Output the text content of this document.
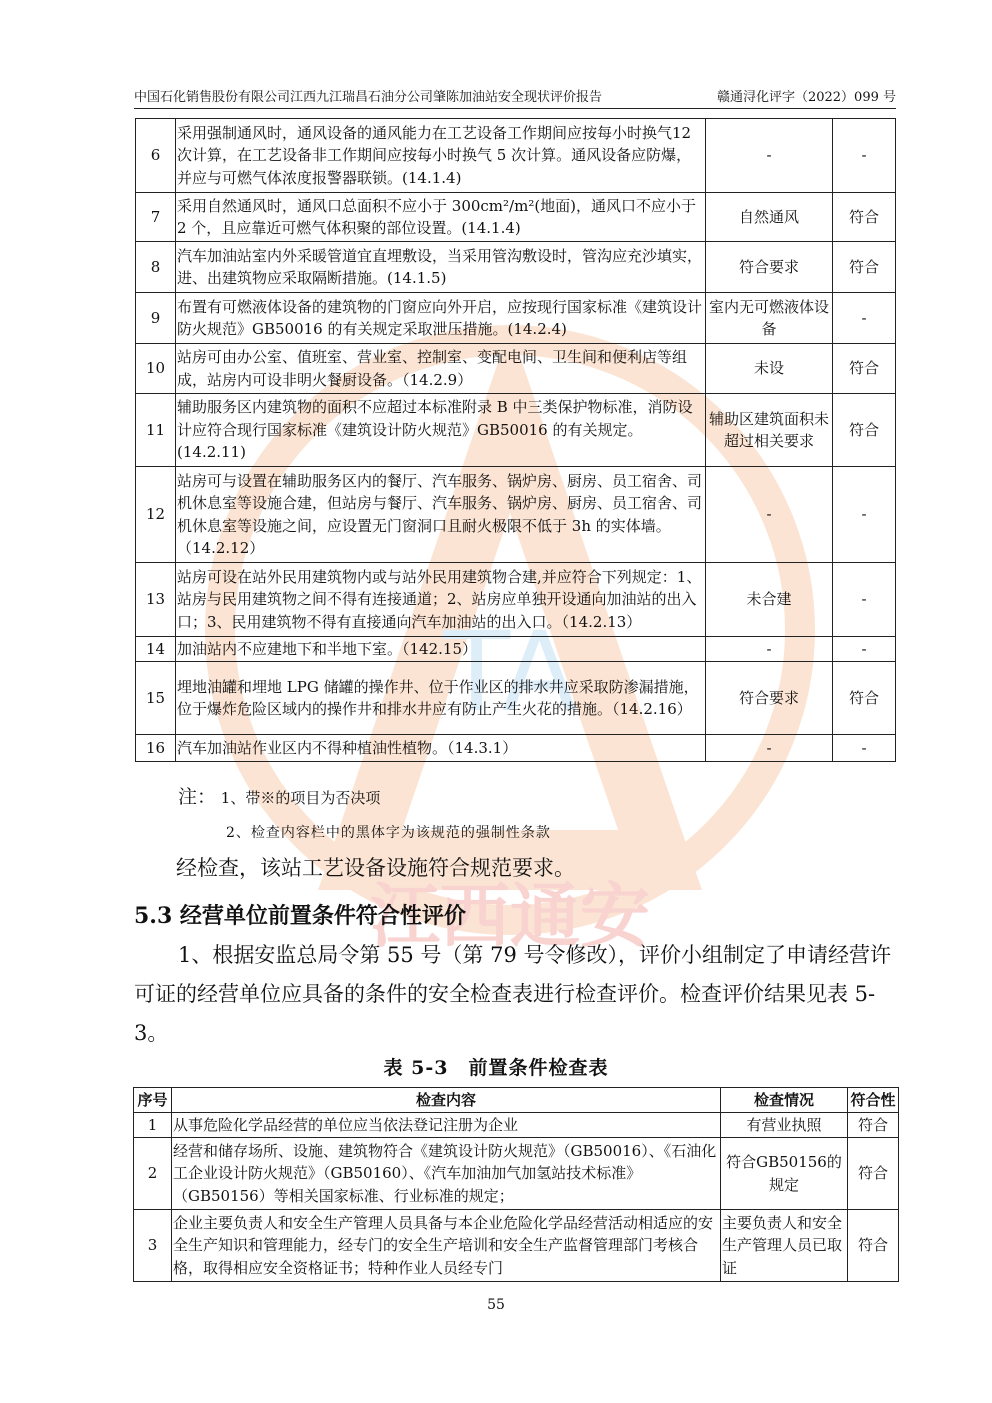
TA
江西通安
中国石化销售股份有限公司江西九江瑞昌石油分公司肇陈加油站安全现状评价报告	赣通浔化评字（2022）099 号
6	采用强制通风时，通风设备的通风能力在工艺设备工作期间应按每小时换气12 次计算，在工艺设备非工作期间应按每小时换气 5 次计算。通风设备应防爆，并应与可燃气体浓度报警器联锁。(14.1.4)	-	-
7	采用自然通风时，通风口总面积不应小于 300cm²/m²(地面)，通风口不应小于2 个，且应靠近可燃气体积聚的部位设置。(14.1.4)	自然通风	符合
8	汽车加油站室内外采暖管道宜直埋敷设，当采用管沟敷设时，管沟应充沙填实，进、出建筑物应采取隔断措施。(14.1.5)	符合要求	符合
9	布置有可燃液体设备的建筑物的门窗应向外开启，应按现行国家标准《建筑设计防火规范》GB50016 的有关规定采取泄压措施。(14.2.4)	室内无可燃液体设备	-
10	站房可由办公室、值班室、营业室、控制室、变配电间、卫生间和便利店等组成，站房内可设非明火餐厨设备。（14.2.9）	未设	符合
11	辅助服务区内建筑物的面积不应超过本标准附录 B 中三类保护物标准，消防设计应符合现行国家标准《建筑设计防火规范》GB50016 的有关规定。(14.2.11)	辅助区建筑面积未超过相关要求	符合
12	站房可与设置在辅助服务区内的餐厅、汽车服务、锅炉房、厨房、员工宿舍、司机休息室等设施合建，但站房与餐厅、汽车服务、锅炉房、厨房、员工宿舍、司机休息室等设施之间，应设置无门窗洞口且耐火极限不低于 3h 的实体墙。（14.2.12）	-	-
13	站房可设在站外民用建筑物内或与站外民用建筑物合建,并应符合下列规定：1、站房与民用建筑物之间不得有连接通道；2、站房应单独开设通向加油站的出入口；3、民用建筑物不得有直接通向汽车加油站的出入口。（14.2.13）	未合建	-
14	加油站内不应建地下和半地下室。（142.15）	-	-
15	埋地油罐和埋地 LPG 储罐的操作井、位于作业区的排水井应采取防渗漏措施，位于爆炸危险区域内的操作井和排水井应有防止产生火花的措施。（14.2.16）	符合要求	符合
16	汽车加油站作业区内不得种植油性植物。（14.3.1）	-	-
注： 1、带※的项目为否决项
2、检查内容栏中的黑体字为该规范的强制性条款
经检查，该站工艺设备设施符合规范要求。
5.3 经营单位前置条件符合性评价
1、根据安监总局令第 55 号（第 79 号令修改），评价小组制定了申请经营许可证的经营单位应具备的条件的安全检查表进行检查评价。检查评价结果见表 5-3。
表 5-3　前置条件检查表
序号	检查内容	检查情况	符合性
1	从事危险化学品经营的单位应当依法登记注册为企业	有营业执照	符合
2	经营和储存场所、设施、建筑物符合《建筑设计防火规范》（GB50016）、《石油化工企业设计防火规范》（GB50160）、《汽车加油加气加氢站技术标准》（GB50156）等相关国家标准、行业标准的规定；	符合GB50156的规定	符合
3	企业主要负责人和安全生产管理人员具备与本企业危险化学品经营活动相适应的安全生产知识和管理能力，经专门的安全生产培训和安全生产监督管理部门考核合格，取得相应安全资格证书；特种作业人员经专门	主要负责人和安全生产管理人员已取证	符合
55
